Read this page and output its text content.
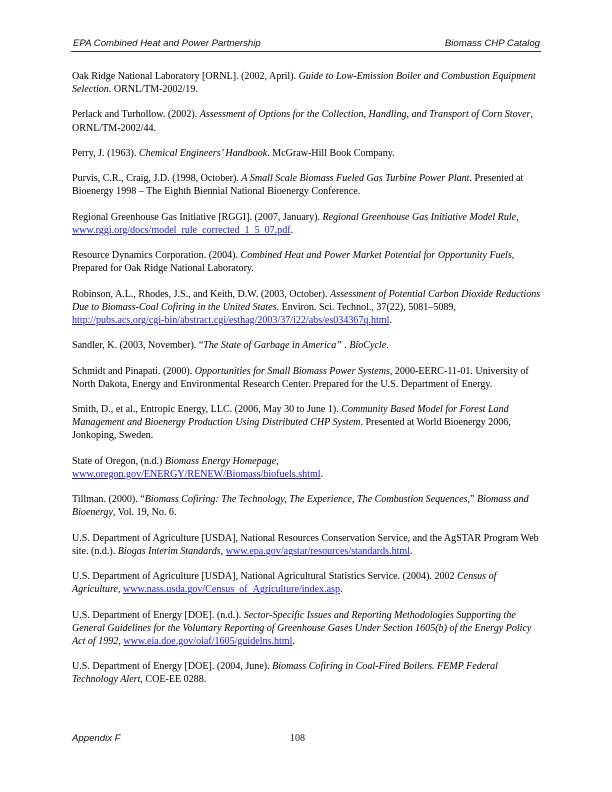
EPA Combined Heat and Power Partnership	Biomass CHP Catalog

Oak Ridge National Laboratory [ORNL]. (2002, April). Guide to Low-Emission Boiler and Combustion Equipment Selection. ORNL/TM-2002/19.

Perlack and Turhollow. (2002). Assessment of Options for the Collection, Handling, and Transport of Corn Stover, ORNL/TM-2002/44.

Perry, J. (1963). Chemical Engineers’ Handbook. McGraw-Hill Book Company.

Purvis, C.R., Craig, J.D. (1998, October). A Small Scale Biomass Fueled Gas Turbine Power Plant. Presented at Bioenergy 1998 – The Eighth Biennial National Bioenergy Conference.

Regional Greenhouse Gas Initiative [RGGI]. (2007, January). Regional Greenhouse Gas Initiative Model Rule, www.rggi.org/docs/model_rule_corrected_1_5_07.pdf.

Resource Dynamics Corporation. (2004). Combined Heat and Power Market Potential for Opportunity Fuels, Prepared for Oak Ridge National Laboratory.

Robinson, A.L., Rhodes, J.S., and Keith, D.W. (2003, October). Assessment of Potential Carbon Dioxide Reductions Due to Biomass-Coal Cofiring in the United States. Environ. Sci. Technol., 37(22), 5081–5089, http://pubs.acs.org/cgi-bin/abstract.cgi/esthag/2003/37/i22/abs/es034367q.html.

Sandler, K. (2003, November). “The State of Garbage in America” . BioCycle.

Schmidt and Pinapati. (2000). Opportunities for Small Biomass Power Systems, 2000-EERC-11-01. University of North Dakota, Energy and Environmental Research Center. Prepared for the U.S. Department of Energy.

Smith, D., et al., Entropic Energy, LLC. (2006, May 30 to June 1). Community Based Model for Forest Land Management and Bioenergy Production Using Distributed CHP System. Presented at World Bioenergy 2006, Jonkoping, Sweden.

State of Oregon, (n.d.) Biomass Energy Homepage,
www.oregon.gov/ENERGY/RENEW/Biomass/biofuels.shtml.

Tillman. (2000). “Biomass Cofiring: The Technology, The Experience, The Combustion Sequences,” Biomass and Bioenergy, Vol. 19, No. 6.

U.S. Department of Agriculture [USDA], National Resources Conservation Service, and the AgSTAR Program Web site. (n.d.). Biogas Interim Standards, www.epa.gov/agstar/resources/standards.html.

U.S. Department of Agriculture [USDA], National Agricultural Statistics Service. (2004). 2002 Census of Agriculture, www.nass.usda.gov/Census_of_Agriculture/index.asp.

U.S. Department of Energy [DOE]. (n.d.). Sector-Specific Issues and Reporting Methodologies Supporting the General Guidelines for the Voluntary Reporting of Greenhouse Gases Under Section 1605(b) of the Energy Policy Act of 1992, www.eia.doe.gov/oiaf/1605/guidelns.html.

U.S. Department of Energy [DOE]. (2004, June). Biomass Cofiring in Coal-Fired Boilers. FEMP Federal Technology Alert, COE-EE 0288.

Appendix F	108
